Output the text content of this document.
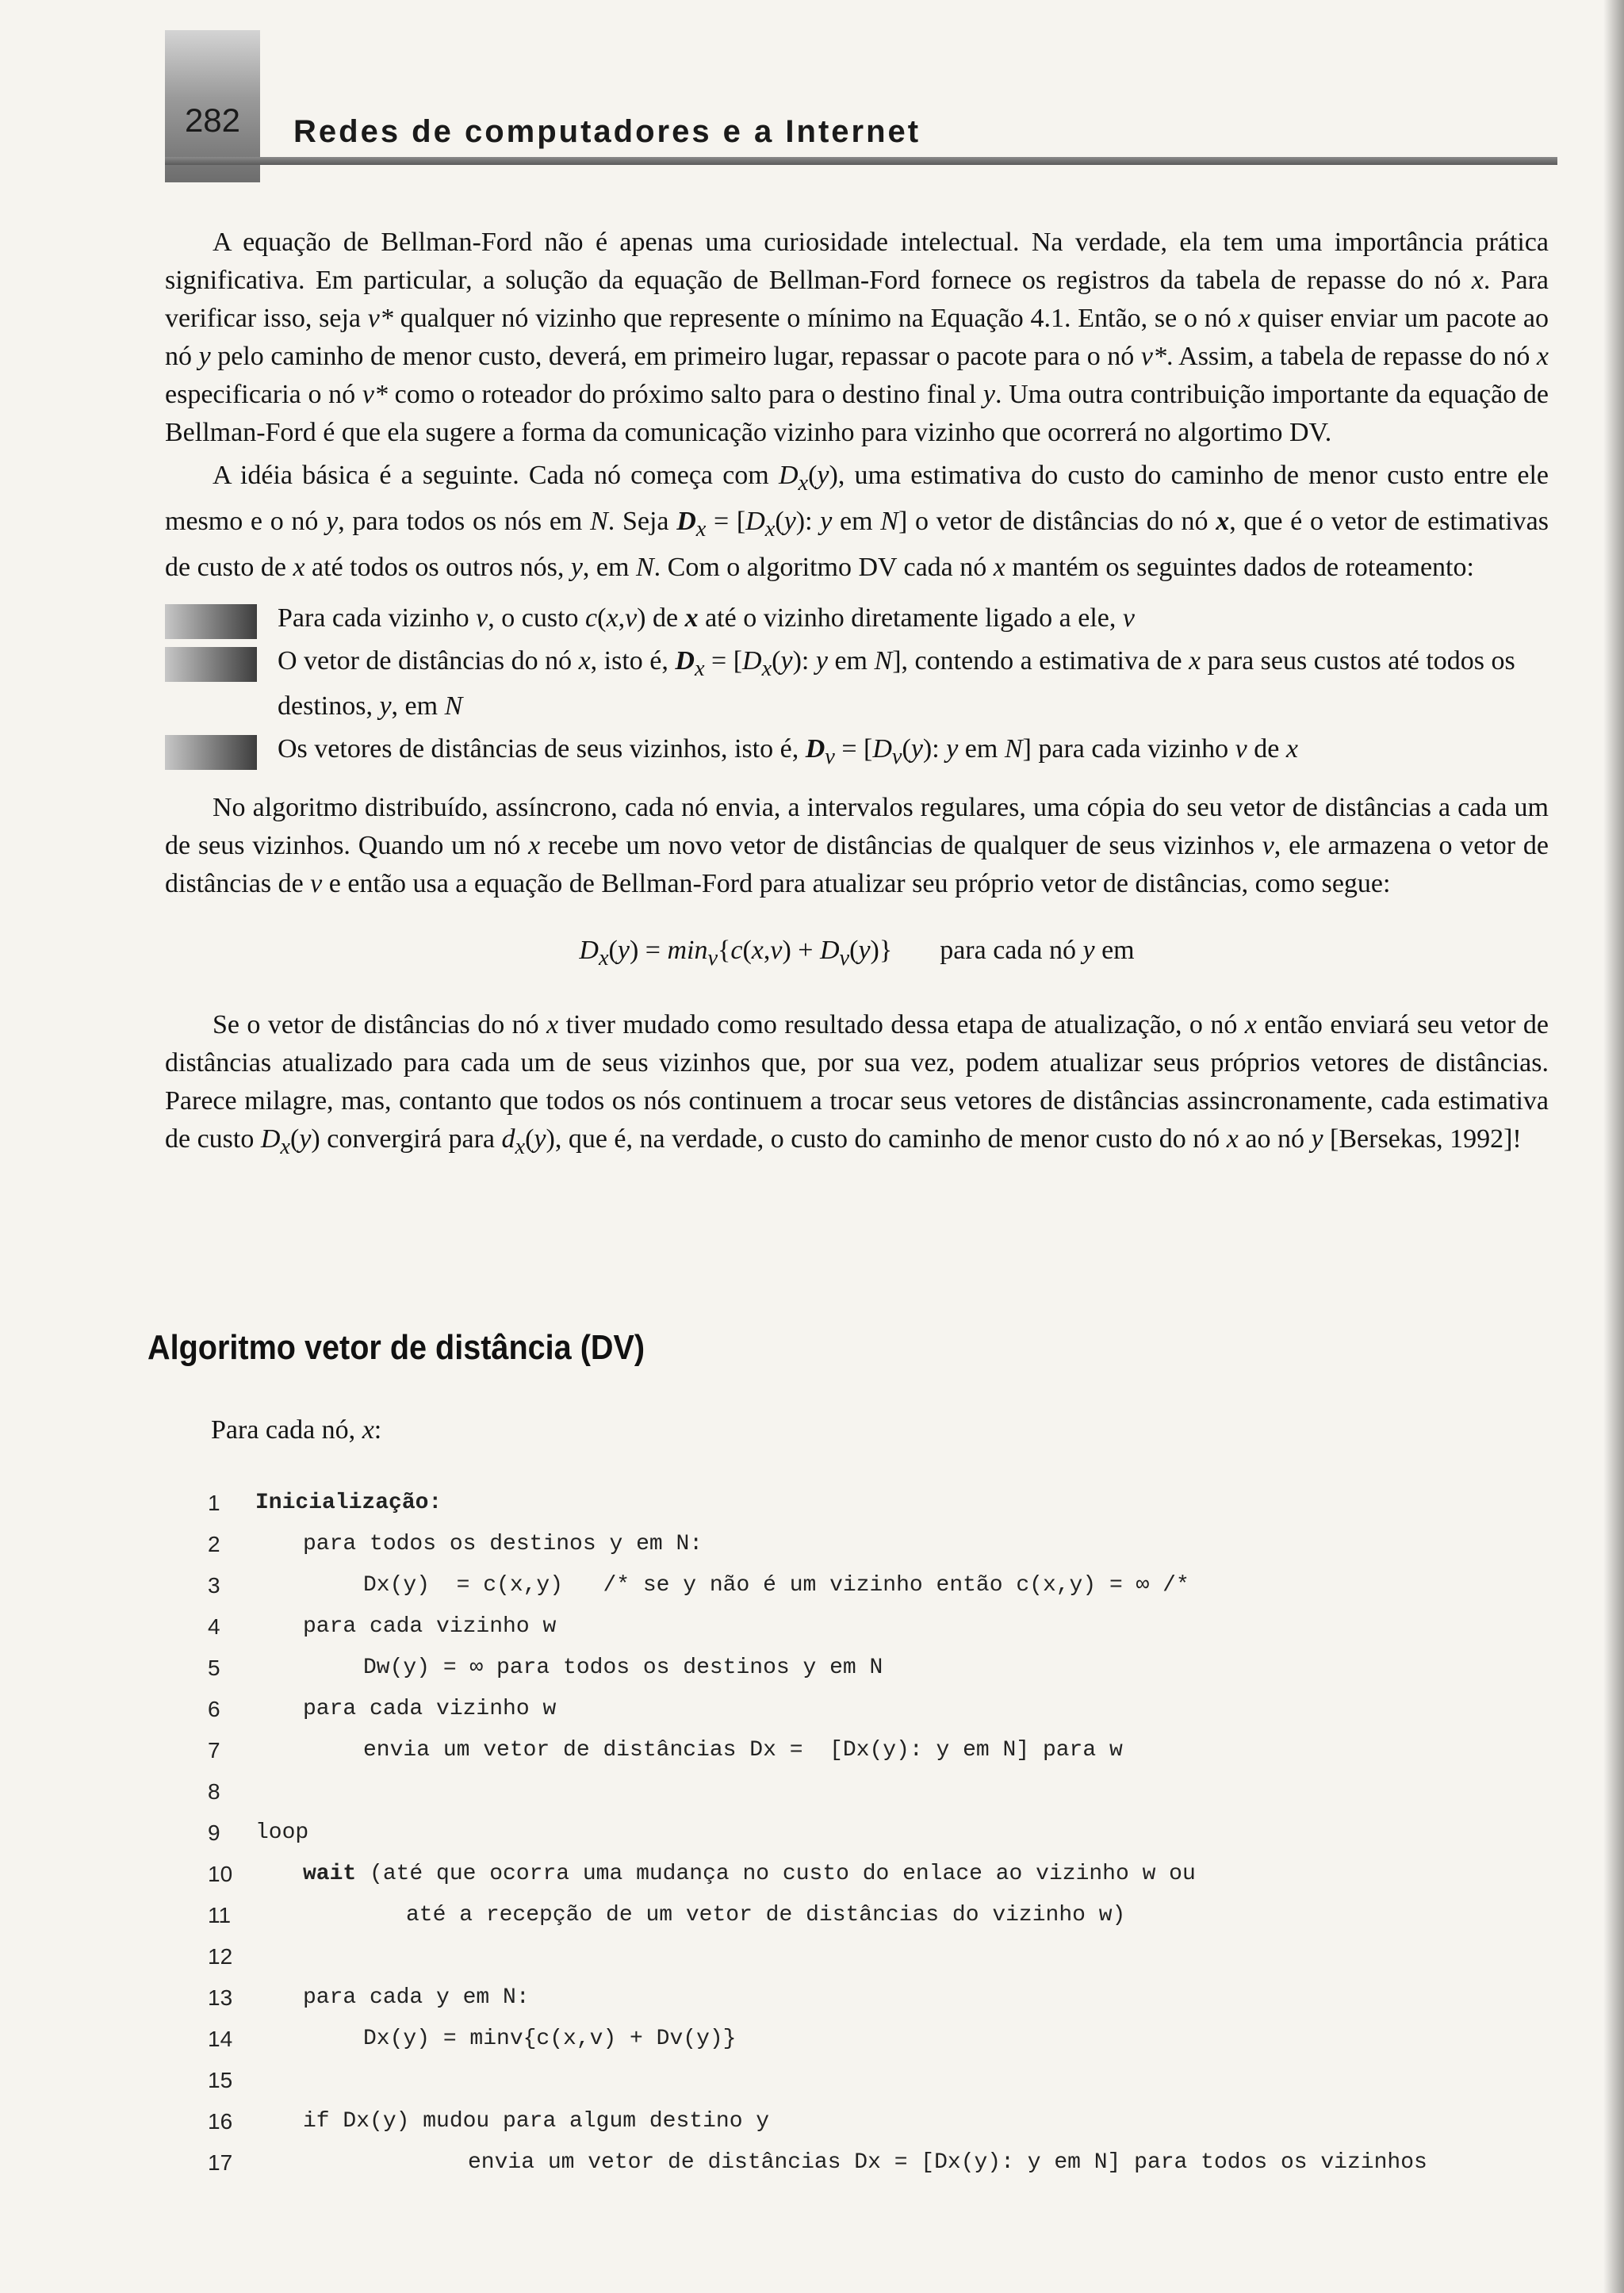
282	Redes de computadores e a Internet

A equação de Bellman-Ford não é apenas uma curiosidade intelectual. Na verdade, ela tem uma importância prática significativa. Em particular, a solução da equação de Bellman-Ford fornece os registros da tabela de repasse do nó x. Para verificar isso, seja v* qualquer nó vizinho que represente o mínimo na Equação 4.1. Então, se o nó x quiser enviar um pacote ao nó y pelo caminho de menor custo, deverá, em primeiro lugar, repassar o pacote para o nó v*. Assim, a tabela de repasse do nó x especificaria o nó v* como o roteador do próximo salto para o destino final y. Uma outra contribuição importante da equação de Bellman-Ford é que ela sugere a forma da comunicação vizinho para vizinho que ocorrerá no algortimo DV.

A idéia básica é a seguinte. Cada nó começa com $D_x(y)$, uma estimativa do custo do caminho de menor custo entre ele mesmo e o nó y, para todos os nós em N. Seja $D_x = [D_x(y)$: y em N] o vetor de distâncias do nó x, que é o vetor de estimativas de custo de x até todos os outros nós, y, em N. Com o algoritmo DV cada nó x mantém os seguintes dados de roteamento:

Para cada vizinho v, o custo c(x,v) de x até o vizinho diretamente ligado a ele, v
O vetor de distâncias do nó x, isto é, $D_x = [D_x(y)$: y em N], contendo a estimativa de x para seus custos até todos os destinos, y, em N
Os vetores de distâncias de seus vizinhos, isto é, $D_v = [D_v(y)$: y em N] para cada vizinho v de x

No algoritmo distribuído, assíncrono, cada nó envia, a intervalos regulares, uma cópia do seu vetor de distâncias a cada um de seus vizinhos. Quando um nó x recebe um novo vetor de distâncias de qualquer de seus vizinhos v, ele armazena o vetor de distâncias de v e então usa a equação de Bellman-Ford para atualizar seu próprio vetor de distâncias, como segue:

$D_x(y) = \min_v\{c(x,v) + D_v(y)\}$ para cada nó y em

Se o vetor de distâncias do nó x tiver mudado como resultado dessa etapa de atualização, o nó x então enviará seu vetor de distâncias atualizado para cada um de seus vizinhos que, por sua vez, podem atualizar seus próprios vetores de distâncias. Parece milagre, mas, contanto que todos os nós continuem a trocar seus vetores de distâncias assincronamente, cada estimativa de custo $D_x(y)$ convergirá para $d_x(y)$, que é, na verdade, o custo do caminho de menor custo do nó x ao nó y [Bersekas, 1992]!

Algoritmo vetor de distância (DV)
Para cada nó, x:
1	Inicialização:
2	para todos os destinos y em N:
3	Dx(y)  = c(x,y)   /* se y não é um vizinho então c(x,y) = ∞ /*
4	para cada vizinho w
5	Dw(y) = ∞ para todos os destinos y em N
6	para cada vizinho w
7	envia um vetor de distâncias Dx =  [Dx(y): y em N] para w
8
9	loop
10	wait (até que ocorra uma mudança no custo do enlace ao vizinho w ou
11	até a recepção de um vetor de distâncias do vizinho w)
12
13	para cada y em N:
14	Dx(y) = minv{c(x,v) + Dv(y)}
15
16	if Dx(y) mudou para algum destino y
17	envia um vetor de distâncias Dx = [Dx(y): y em N] para todos os vizinhos
